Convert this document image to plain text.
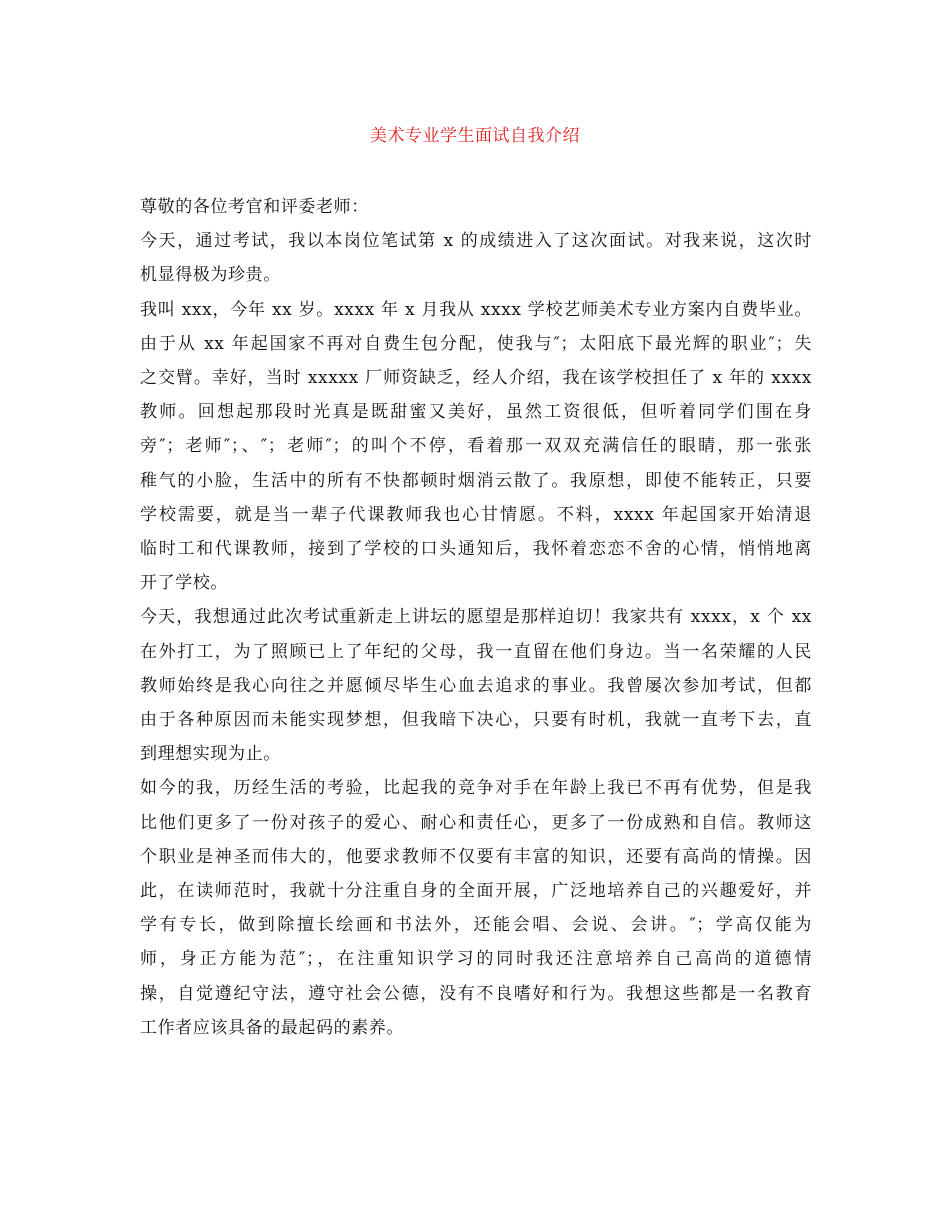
美术专业学生面试自我介绍
尊敬的各位考官和评委老师：
今天，通过考试，我以本岗位笔试第 x 的成绩进入了这次面试。对我来说，这次时
机显得极为珍贵。
我叫 xxx，今年 xx 岁。xxxx 年 x 月我从 xxxx 学校艺师美术专业方案内自费毕业。
由于从 xx 年起国家不再对自费生包分配，使我与″；太阳底下最光辉的职业″；失
之交臂。幸好，当时 xxxxx 厂师资缺乏，经人介绍，我在该学校担任了 x 年的 xxxx
教师。回想起那段时光真是既甜蜜又美好，虽然工资很低，但听着同学们围在身
旁″；老师″；、″；老师″；的叫个不停，看着那一双双充满信任的眼睛，那一张张
稚气的小脸，生活中的所有不快都顿时烟消云散了。我原想，即使不能转正，只要
学校需要，就是当一辈子代课教师我也心甘情愿。不料，xxxx 年起国家开始清退
临时工和代课教师，接到了学校的口头通知后，我怀着恋恋不舍的心情，悄悄地离
开了学校。
今天，我想通过此次考试重新走上讲坛的愿望是那样迫切！我家共有 xxxx，x 个 xx
在外打工，为了照顾已上了年纪的父母，我一直留在他们身边。当一名荣耀的人民
教师始终是我心向往之并愿倾尽毕生心血去追求的事业。我曾屡次参加考试，但都
由于各种原因而未能实现梦想，但我暗下决心，只要有时机，我就一直考下去，直
到理想实现为止。
如今的我，历经生活的考验，比起我的竞争对手在年龄上我已不再有优势，但是我
比他们更多了一份对孩子的爱心、耐心和责任心，更多了一份成熟和自信。教师这
个职业是神圣而伟大的，他要求教师不仅要有丰富的知识，还要有高尚的情操。因
此，在读师范时，我就十分注重自身的全面开展，广泛地培养自己的兴趣爱好，并
学有专长，做到除擅长绘画和书法外，还能会唱、会说、会讲。″；学高仅能为
师，身正方能为范″；，在注重知识学习的同时我还注意培养自己高尚的道德情
操，自觉遵纪守法，遵守社会公德，没有不良嗜好和行为。我想这些都是一名教育
工作者应该具备的最起码的素养。
